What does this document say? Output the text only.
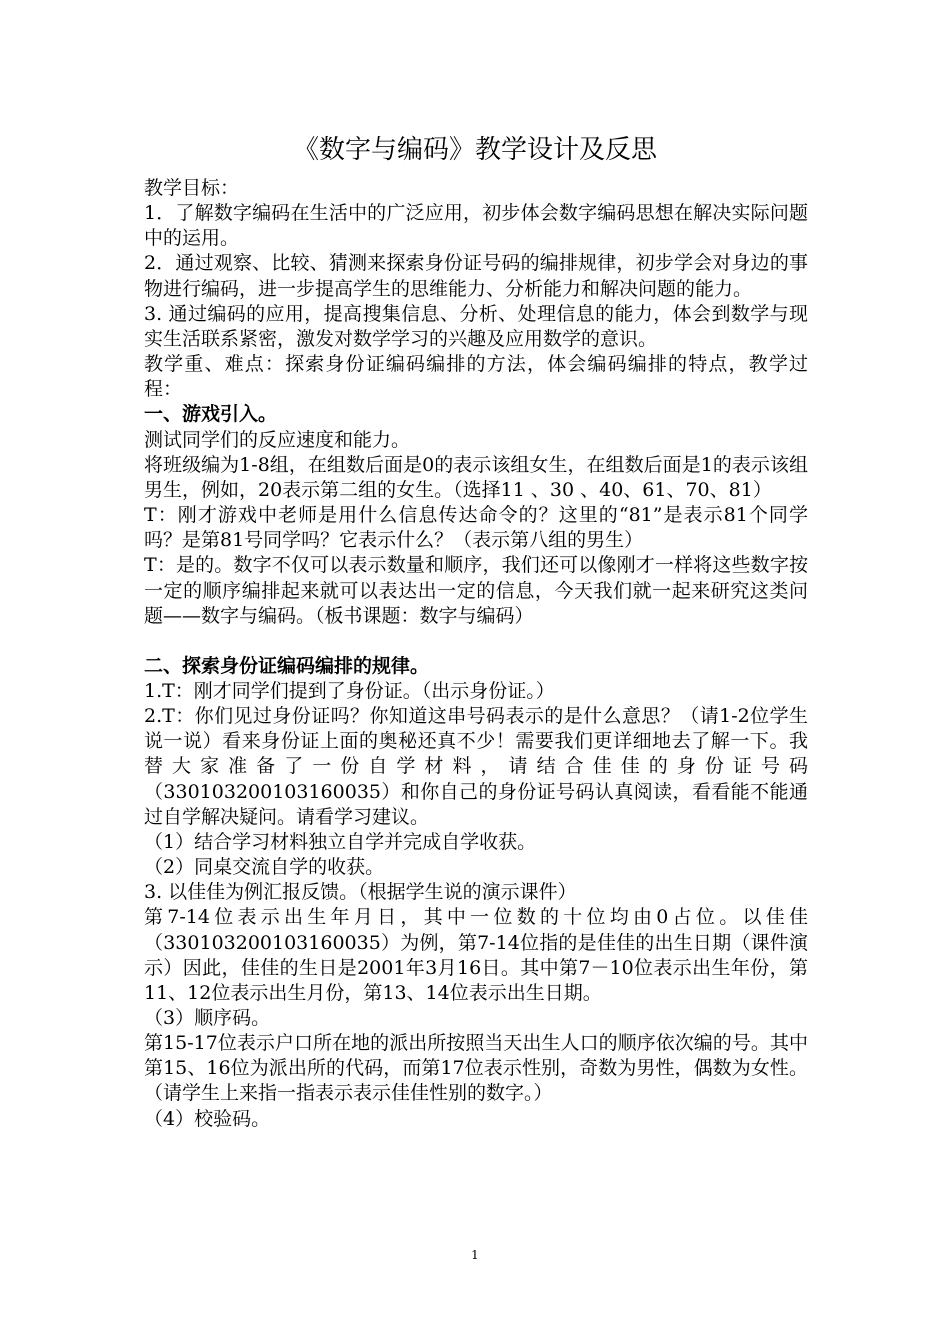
《数字与编码》教学设计及反思

教学目标：

1．了解数字编码在生活中的广泛应用，初步体会数字编码思想在解决实际问题中的运用。

2．通过观察、比较、猜测来探索身份证号码的编排规律，初步学会对身边的事物进行编码，进一步提高学生的思维能力、分析能力和解决问题的能力。

3. 通过编码的应用，提高搜集信息、分析、处理信息的能力，体会到数学与现实生活联系紧密，激发对数学学习的兴趣及应用数学的意识。

教学重、难点：探索身份证编码编排的方法，体会编码编排的特点，教学过程：

一、游戏引入。

测试同学们的反应速度和能力。

将班级编为1-8组，在组数后面是0的表示该组女生，在组数后面是1的表示该组男生，例如，20表示第二组的女生。（选择11 、30 、40、61、70、81）

T：刚才游戏中老师是用什么信息传达命令的？这里的“81”是表示81个同学吗？是第81号同学吗？它表示什么？（表示第八组的男生）

T：是的。数字不仅可以表示数量和顺序，我们还可以像刚才一样将这些数字按一定的顺序编排起来就可以表达出一定的信息，今天我们就一起来研究这类问题——数字与编码。（板书课题：数字与编码）

二、探索身份证编码编排的规律。

1.T：刚才同学们提到了身份证。（出示身份证。）

2.T：你们见过身份证吗？你知道这串号码表示的是什么意思？（请1-2位学生说一说）看来身份证上面的奥秘还真不少！需要我们更详细地去了解一下。我替大家准备了一份自学材料，请结合佳佳的身份证号码（330103200103160035）和你自己的身份证号码认真阅读，看看能不能通过自学解决疑问。请看学习建议。

（1）结合学习材料独立自学并完成自学收获。

（2）同桌交流自学的收获。

3. 以佳佳为例汇报反馈。（根据学生说的演示课件）

第7-14位表示出生年月日，其中一位数的十位均由0占位。以佳佳（330103200103160035）为例，第7-14位指的是佳佳的出生日期（课件演示）因此，佳佳的生日是2001年3月16日。其中第7－10位表示出生年份，第11、12位表示出生月份，第13、14位表示出生日期。

（3）顺序码。

第15-17位表示户口所在地的派出所按照当天出生人口的顺序依次编的号。其中第15、16位为派出所的代码，而第17位表示性别，奇数为男性，偶数为女性。（请学生上来指一指表示表示佳佳性别的数字。）

（4）校验码。

1
